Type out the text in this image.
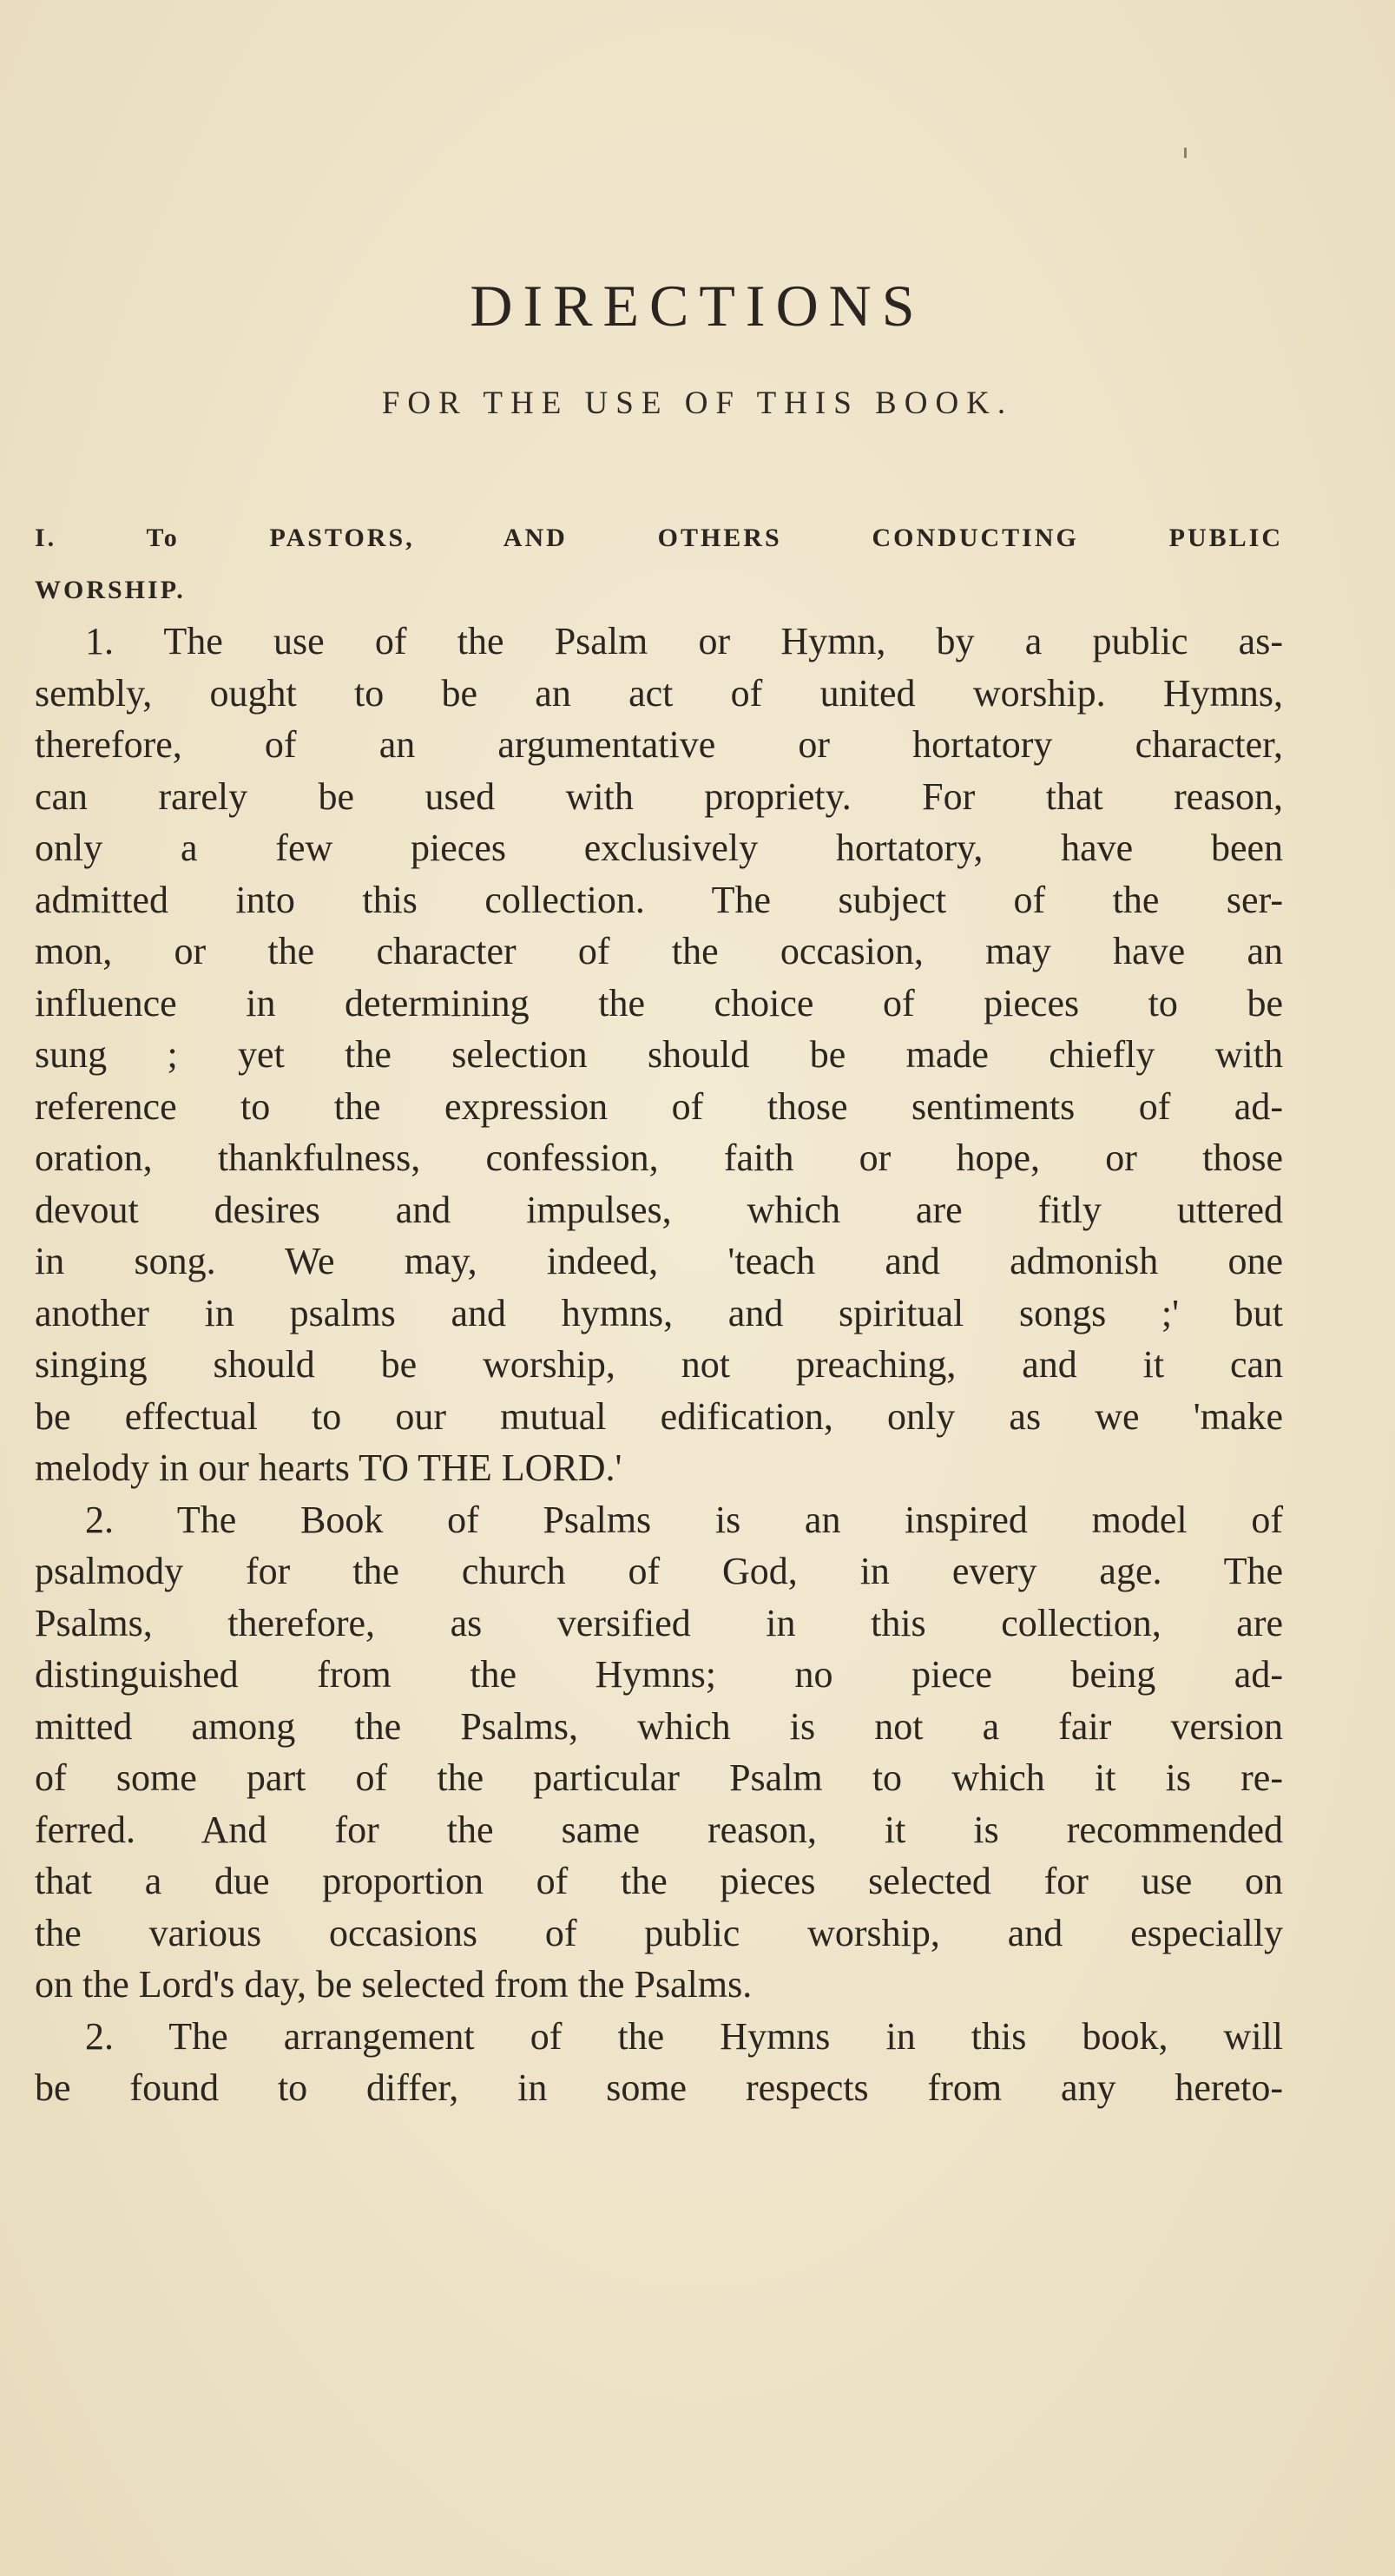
DIRECTIONS
FOR THE USE OF THIS BOOK.
I. To PASTORS, AND OTHERS CONDUCTING PUBLIC
WORSHIP.
1. The use of the Psalm or Hymn, by a public as-
sembly, ought to be an act of united worship. Hymns,
therefore, of an argumentative or hortatory character,
can rarely be used with propriety. For that reason,
only a few pieces exclusively hortatory, have been
admitted into this collection. The subject of the ser-
mon, or the character of the occasion, may have an
influence in determining the choice of pieces to be
sung ; yet the selection should be made chiefly with
reference to the expression of those sentiments of ad-
oration, thankfulness, confession, faith or hope, or those
devout desires and impulses, which are fitly uttered
in song. We may, indeed, 'teach and admonish one
another in psalms and hymns, and spiritual songs ;' but
singing should be worship, not preaching, and it can
be effectual to our mutual edification, only as we 'make
melody in our hearts TO THE LORD.'
2. The Book of Psalms is an inspired model of
psalmody for the church of God, in every age. The
Psalms, therefore, as versified in this collection, are
distinguished from the Hymns; no piece being ad-
mitted among the Psalms, which is not a fair version
of some part of the particular Psalm to which it is re-
ferred. And for the same reason, it is recommended
that a due proportion of the pieces selected for use on
the various occasions of public worship, and especially
on the Lord's day, be selected from the Psalms.
2. The arrangement of the Hymns in this book, will
be found to differ, in some respects from any hereto-
